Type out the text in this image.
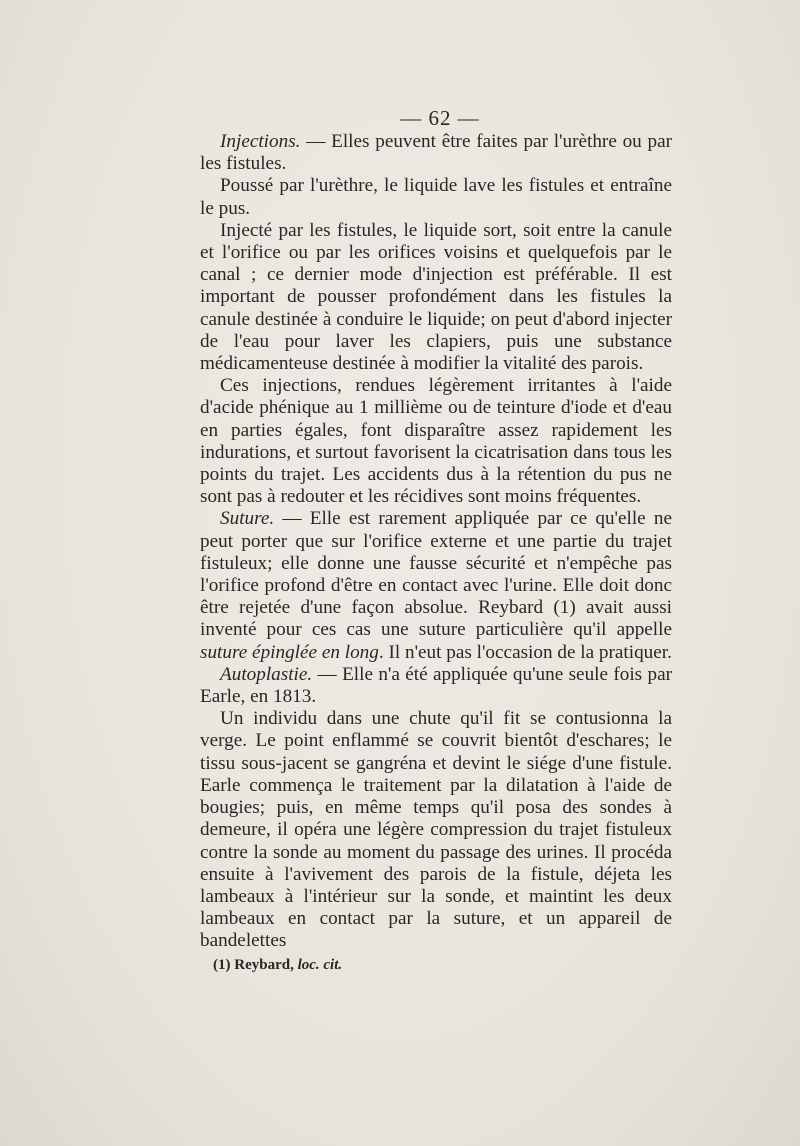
— 62 —

Injections. — Elles peuvent être faites par l'urèthre ou par les fistules.

Poussé par l'urèthre, le liquide lave les fistules et entraîne le pus.

Injecté par les fistules, le liquide sort, soit entre la canule et l'orifice ou par les orifices voisins et quelquefois par le canal ; ce dernier mode d'injection est préférable. Il est important de pousser profondément dans les fistules la canule destinée à conduire le liquide; on peut d'abord injecter de l'eau pour laver les clapiers, puis une substance médicamenteuse destinée à modifier la vitalité des parois.

Ces injections, rendues légèrement irritantes à l'aide d'acide phénique au 1 millième ou de teinture d'iode et d'eau en parties égales, font disparaître assez rapidement les indurations, et surtout favorisent la cicatrisation dans tous les points du trajet. Les accidents dus à la rétention du pus ne sont pas à redouter et les récidives sont moins fréquentes.

Suture. — Elle est rarement appliquée par ce qu'elle ne peut porter que sur l'orifice externe et une partie du trajet fistuleux; elle donne une fausse sécurité et n'empêche pas l'orifice profond d'être en contact avec l'urine. Elle doit donc être rejetée d'une façon absolue. Reybard (1) avait aussi inventé pour ces cas une suture particulière qu'il appelle suture épinglée en long. Il n'eut pas l'occasion de la pratiquer.

Autoplastie. — Elle n'a été appliquée qu'une seule fois par Earle, en 1813.

Un individu dans une chute qu'il fit se contusionna la verge. Le point enflammé se couvrit bientôt d'eschares; le tissu sous-jacent se gangréna et devint le siége d'une fistule. Earle commença le traitement par la dilatation à l'aide de bougies; puis, en même temps qu'il posa des sondes à demeure, il opéra une légère compression du trajet fistuleux contre la sonde au moment du passage des urines. Il procéda ensuite à l'avivement des parois de la fistule, déjeta les lambeaux à l'intérieur sur la sonde, et maintint les deux lambeaux en contact par la suture, et un appareil de bandelettes

(1) Reybard, loc. cit.
